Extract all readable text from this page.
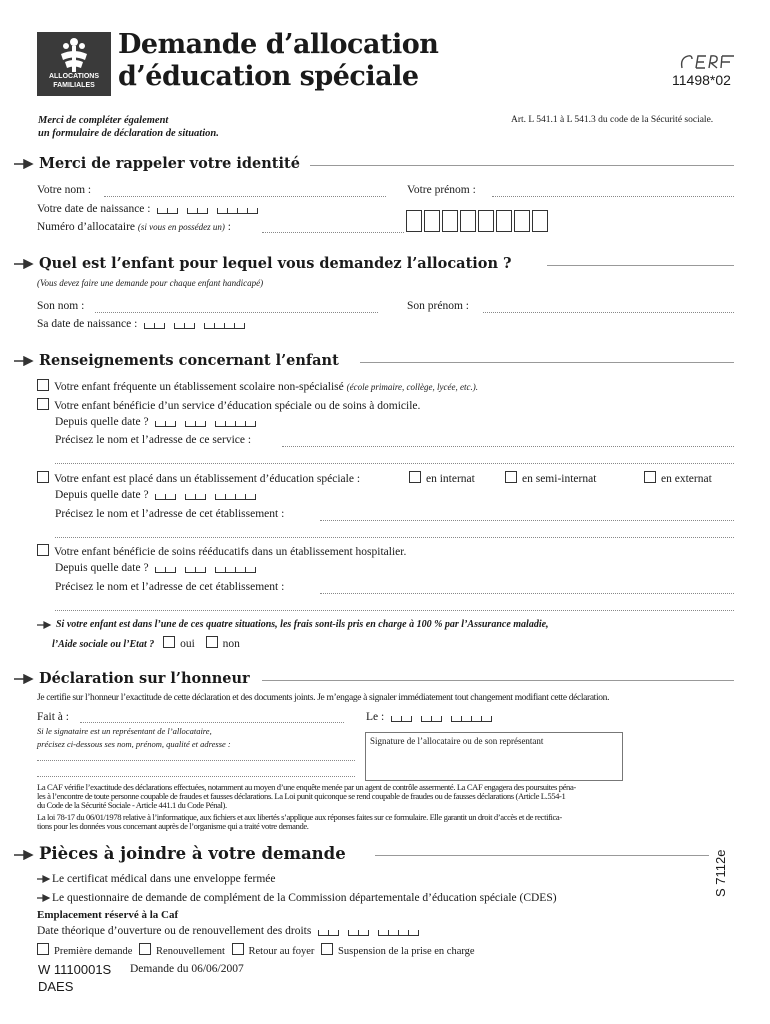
ALLOCATIONS
FAMILIALES
Demande d’allocation
d’éducation spéciale	11498*02
Merci de compléter également
un formulaire de déclaration de situation.
Art. L 541.1 à L 541.3 du code de la Sécurité sociale.
Merci de rappeler votre identité
Votre nom :	Votre prénom :
Votre date de naissance :
Numéro d’allocataire (si vous en possédez un) :
Quel est l’enfant pour lequel vous demandez l’allocation ?
(Vous devez faire une demande pour chaque enfant handicapé)
Son nom :	Son prénom :
Sa date de naissance :
Renseignements concernant l’enfant
Votre enfant fréquente un établissement scolaire non-spécialisé (école primaire, collège, lycée, etc.).
Votre enfant bénéficie d’un service d’éducation spéciale ou de soins à domicile.
Depuis quelle date ?
Précisez le nom et l’adresse de ce service :
Votre enfant est placé dans un établissement d’éducation spéciale :	en internat	en semi-internat	en externat
Depuis quelle date ?
Précisez le nom et l’adresse de cet établissement :
Votre enfant bénéficie de soins rééducatifs dans un établissement hospitalier.
Depuis quelle date ?
Précisez le nom et l’adresse de cet établissement :
Si votre enfant est dans l’une de ces quatre situations, les frais sont-ils pris en charge à 100 % par l’Assurance maladie,
l’Aide sociale ou l’Etat ? oui non
Déclaration sur l’honneur
Je certifie sur l’honneur l’exactitude de cette déclaration et des documents joints. Je m’engage à signaler immédiatement tout changement modifiant cette déclaration.
Fait à :	Le :
Si le signataire est un représentant de l’allocataire,
précisez ci-dessous ses nom, prénom, qualité et adresse :	Signature de l’allocataire ou de son représentant
La CAF vérifie l’exactitude des déclarations effectuées, notamment au moyen d’une enquête menée par un agent de contrôle assermenté. La CAF engagera des poursuites péna-
les à l’encontre de toute personne coupable de fraudes et fausses déclarations. La Loi punit quiconque se rend coupable de fraudes ou de fausses déclarations (Article L.554-1
du Code de la Sécurité Sociale - Article 441.1 du Code Pénal).
La loi 78-17 du 06/01/1978 relative à l’informatique, aux fichiers et aux libertés s’applique aux réponses faites sur ce formulaire. Elle garantit un droit d’accès et de rectifica-
tions pour les données vous concernant auprès de l’organisme qui a traité votre demande.
Pièces à joindre à votre demande	S 7112e
Le certificat médical dans une enveloppe fermée
Le questionnaire de demande de complément de la Commission départementale d’éducation spéciale (CDES)
Emplacement réservé à la Caf
Date théorique d’ouverture ou de renouvellement des droits
Première demande Renouvellement Retour au foyer Suspension de la prise en charge
W 1110001S Demande du 06/06/2007
DAES
